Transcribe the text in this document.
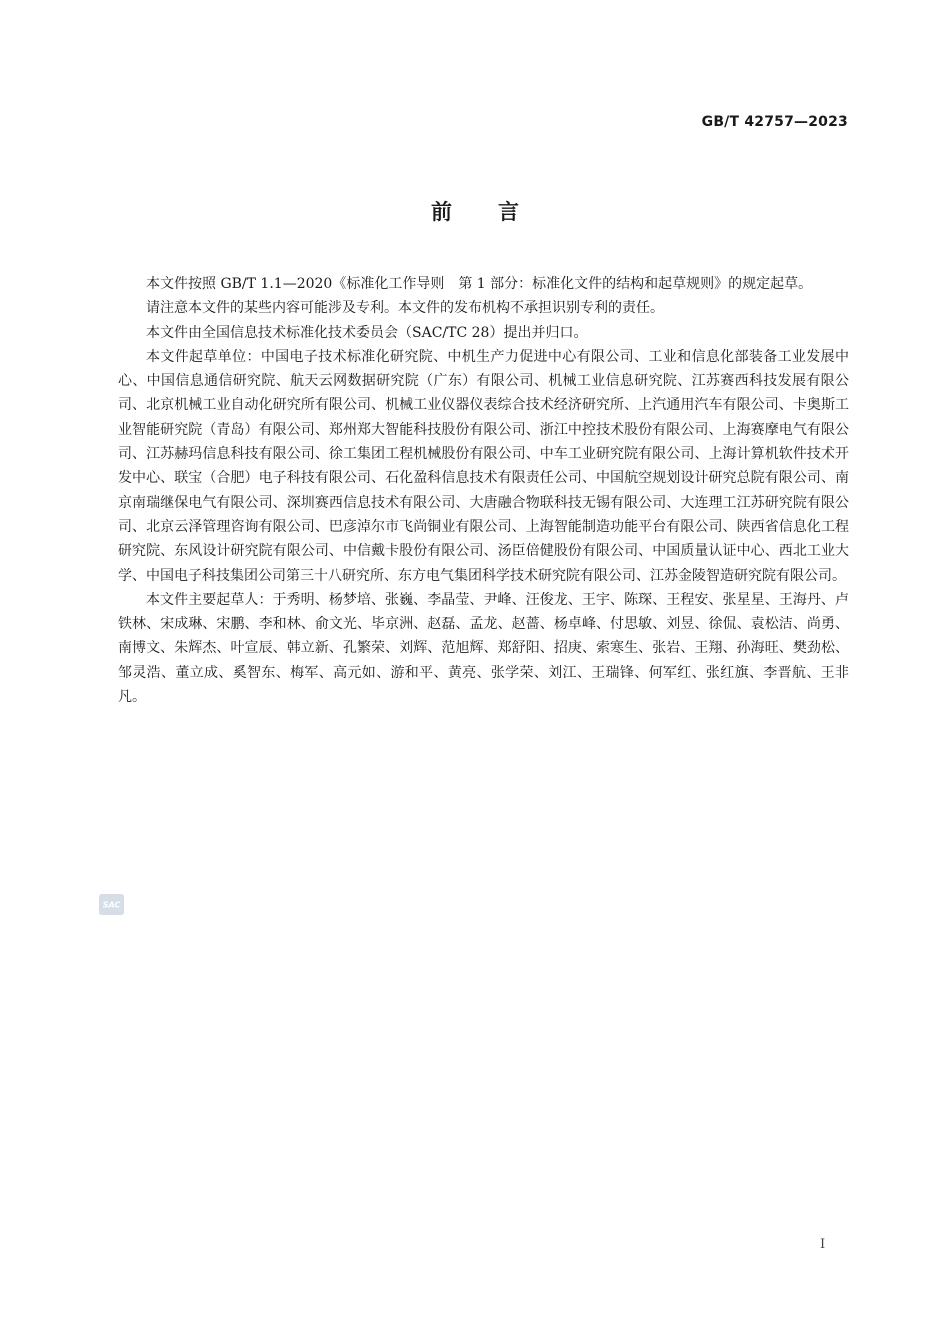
GB/T 42757—2023
前言

本文件按照 GB/T 1.1—2020《标准化工作导则　第 1 部分：标准化文件的结构和起草规则》的规定起草。

请注意本文件的某些内容可能涉及专利。本文件的发布机构不承担识别专利的责任。

本文件由全国信息技术标准化技术委员会（SAC/TC 28）提出并归口。

本文件起草单位：中国电子技术标准化研究院、中机生产力促进中心有限公司、工业和信息化部装备工业发展中心、中国信息通信研究院、航天云网数据研究院（广东）有限公司、机械工业信息研究院、江苏赛西科技发展有限公司、北京机械工业自动化研究所有限公司、机械工业仪器仪表综合技术经济研究所、上汽通用汽车有限公司、卡奥斯工业智能研究院（青岛）有限公司、郑州郑大智能科技股份有限公司、浙江中控技术股份有限公司、上海赛摩电气有限公司、江苏赫玛信息科技有限公司、徐工集团工程机械股份有限公司、中车工业研究院有限公司、上海计算机软件技术开发中心、联宝（合肥）电子科技有限公司、石化盈科信息技术有限责任公司、中国航空规划设计研究总院有限公司、南京南瑞继保电气有限公司、深圳赛西信息技术有限公司、大唐融合物联科技无锡有限公司、大连理工江苏研究院有限公司、北京云泽管理咨询有限公司、巴彦淖尔市飞尚铜业有限公司、上海智能制造功能平台有限公司、陕西省信息化工程研究院、东风设计研究院有限公司、中信戴卡股份有限公司、汤臣倍健股份有限公司、中国质量认证中心、西北工业大学、中国电子科技集团公司第三十八研究所、东方电气集团科学技术研究院有限公司、江苏金陵智造研究院有限公司。

本文件主要起草人：于秀明、杨梦培、张巍、李晶莹、尹峰、汪俊龙、王宇、陈琛、王程安、张星星、王海丹、卢铁林、宋成琳、宋鹏、李和林、俞文光、毕京洲、赵磊、孟龙、赵蔷、杨卓峰、付思敏、刘昱、徐侃、袁松洁、尚勇、南博文、朱辉杰、叶宣辰、韩立新、孔繁荣、刘辉、范旭辉、郑舒阳、招庚、索寒生、张岩、王翔、孙海旺、樊劲松、邹灵浩、董立成、奚智东、梅军、高元如、游和平、黄亮、张学荣、刘江、王瑞锋、何军红、张红旗、李晋航、王非凡。

SAC
I
